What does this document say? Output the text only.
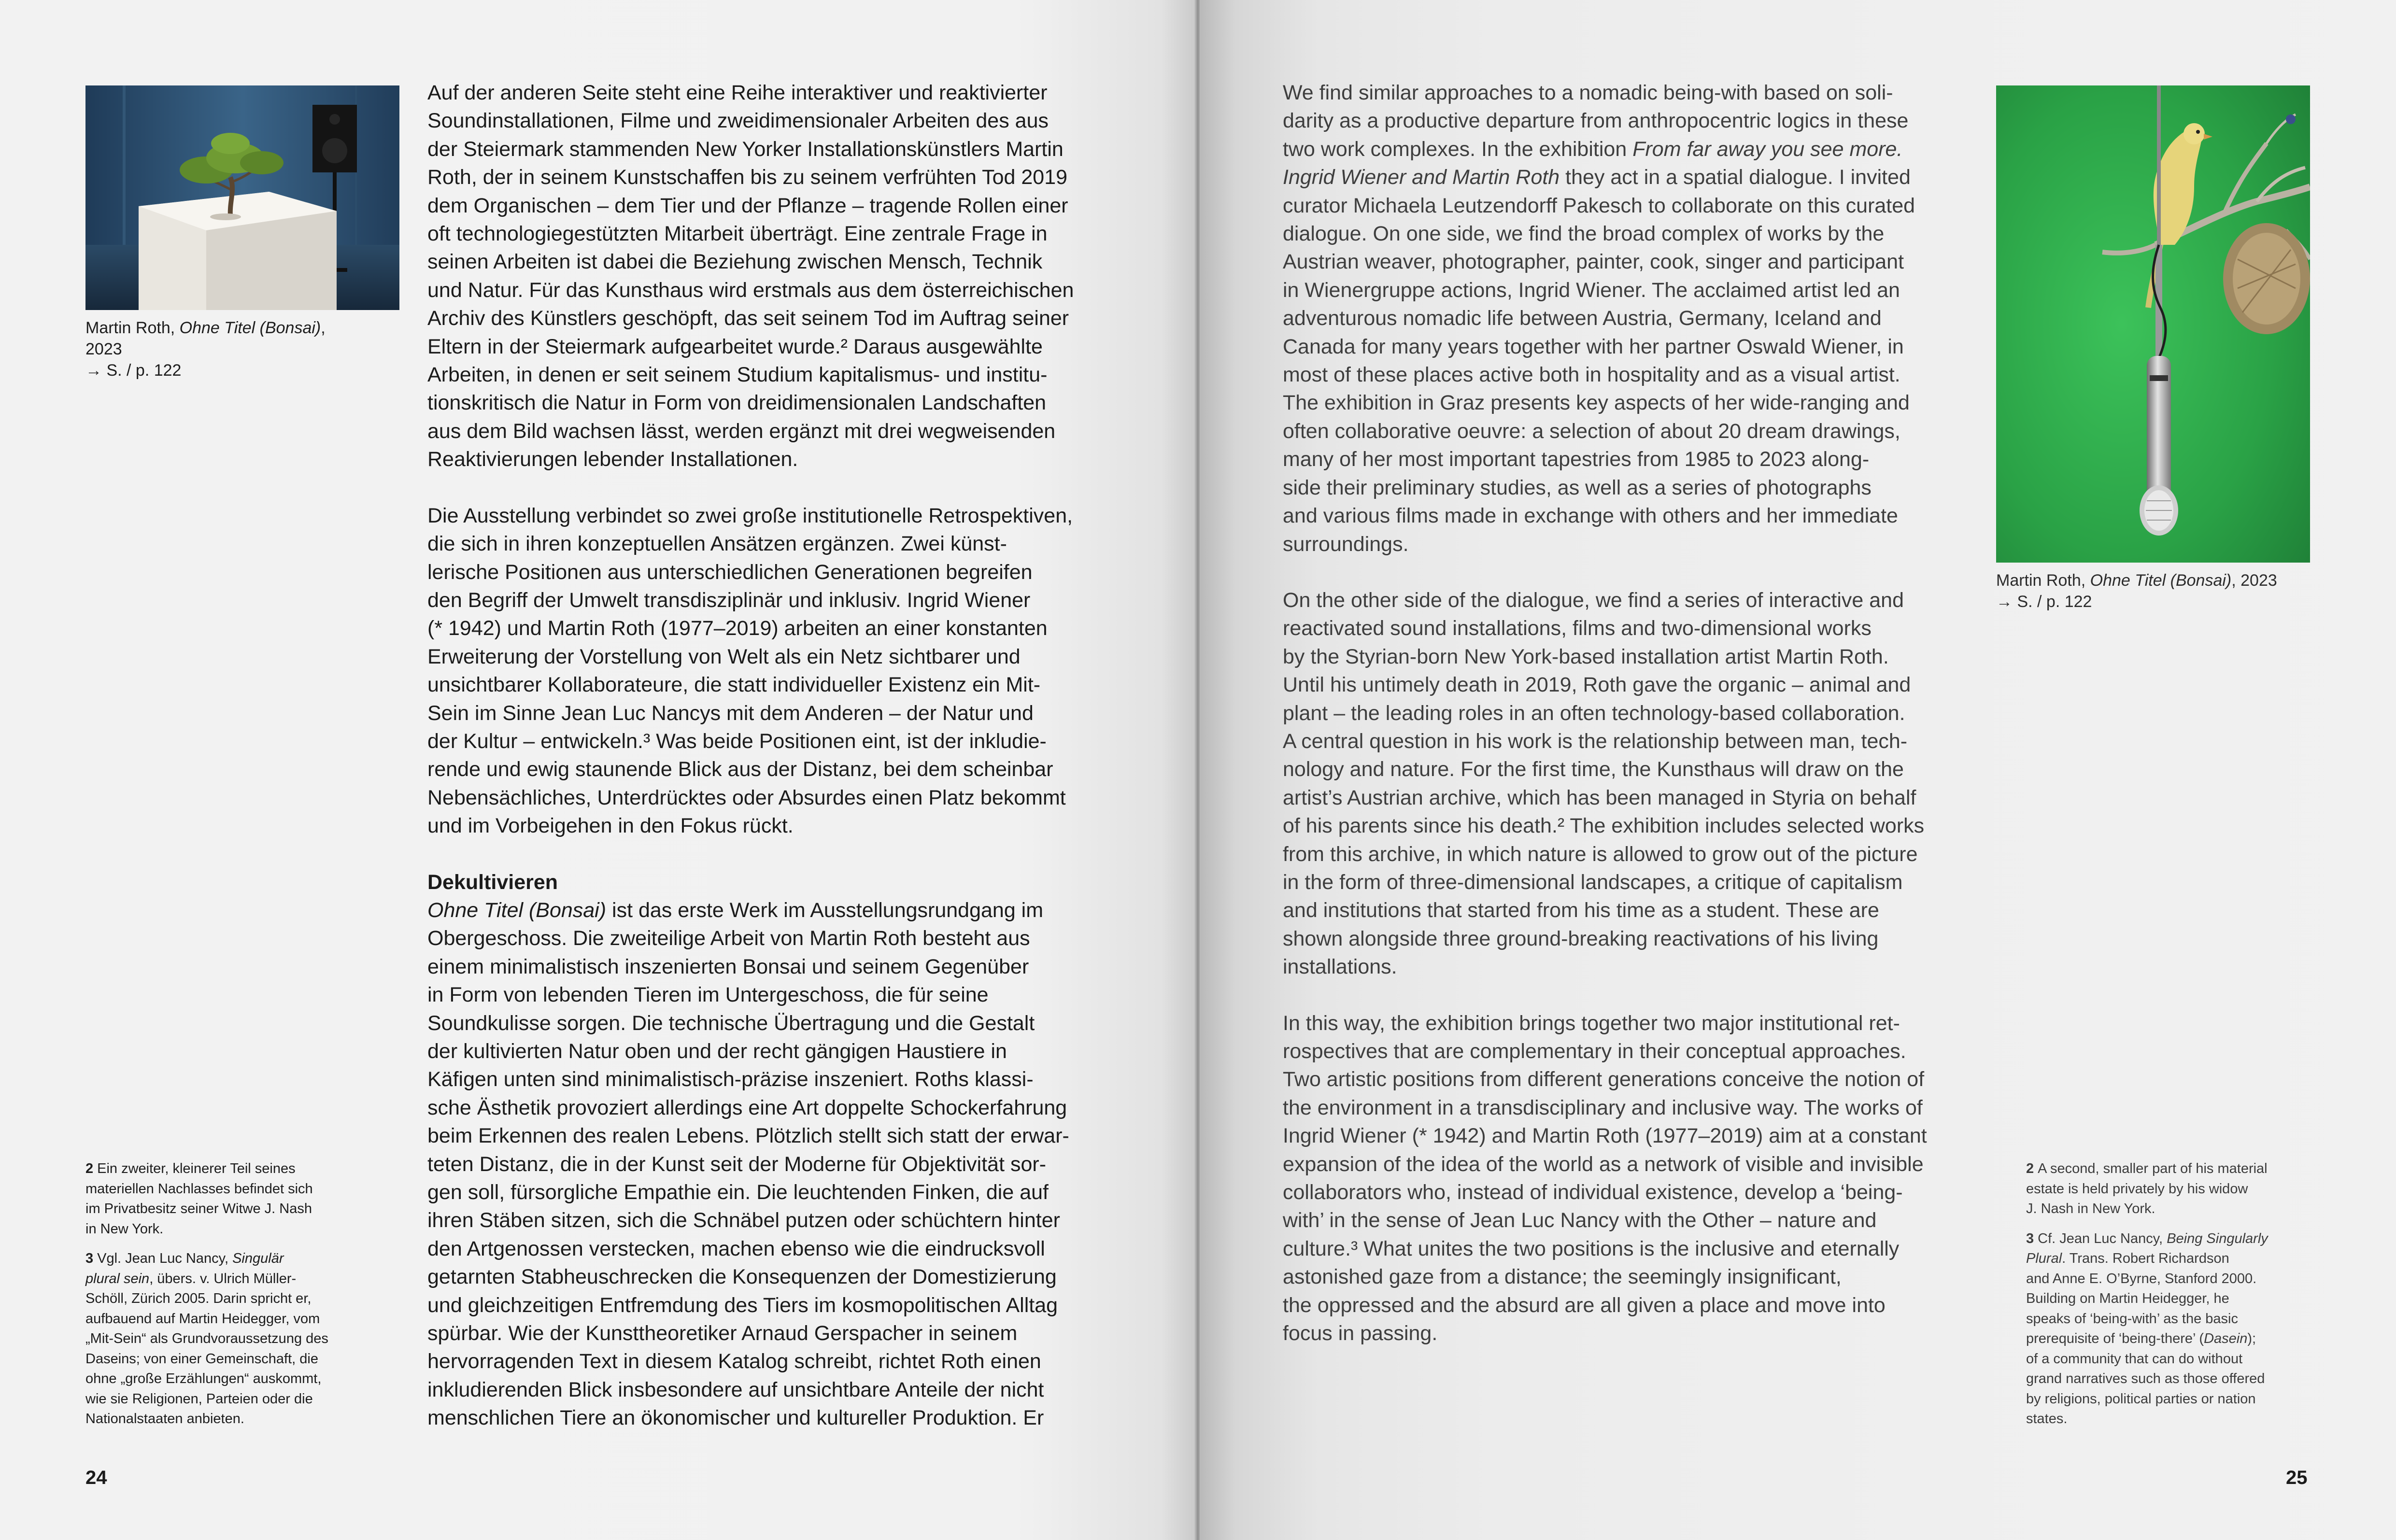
Martin Roth, Ohne Titel (Bonsai),
2023
→ S. / p. 122

Auf der anderen Seite steht eine Reihe interaktiver und reaktivierter
Soundinstallationen, Filme und zweidimensionaler Arbeiten des aus
der Steiermark stammenden New Yorker Installationskünstlers Martin
Roth, der in seinem Kunstschaffen bis zu seinem verfrühten Tod 2019
dem Organischen – dem Tier und der Pflanze – tragende Rollen einer
oft technologiegestützten Mitarbeit überträgt. Eine zentrale Frage in
seinen Arbeiten ist dabei die Beziehung zwischen Mensch, Technik
und Natur. Für das Kunsthaus wird erstmals aus dem österreichischen
Archiv des Künstlers geschöpft, das seit seinem Tod im Auftrag seiner
Eltern in der Steiermark aufgearbeitet wurde.² Daraus ausgewählte
Arbeiten, in denen er seit seinem Studium kapitalismus- und institu-
tionskritisch die Natur in Form von dreidimensionalen Landschaften
aus dem Bild wachsen lässt, werden ergänzt mit drei wegweisenden
Reaktivierungen lebender Installationen.

Die Ausstellung verbindet so zwei große institutionelle Retrospektiven,
die sich in ihren konzeptuellen Ansätzen ergänzen. Zwei künst-
lerische Positionen aus unterschiedlichen Generationen begreifen
den Begriff der Umwelt transdisziplinär und inklusiv. Ingrid Wiener
(* 1942) und Martin Roth (1977–2019) arbeiten an einer konstanten
Erweiterung der Vorstellung von Welt als ein Netz sichtbarer und
unsichtbarer Kollaborateure, die statt individueller Existenz ein Mit-
Sein im Sinne Jean Luc Nancys mit dem Anderen – der Natur und
der Kultur – entwickeln.³ Was beide Positionen eint, ist der inkludie-
rende und ewig staunende Blick aus der Distanz, bei dem scheinbar
Nebensächliches, Unterdrücktes oder Absurdes einen Platz bekommt
und im Vorbeigehen in den Fokus rückt.

Dekultivieren
Ohne Titel (Bonsai) ist das erste Werk im Ausstellungsrundgang im
Obergeschoss. Die zweiteilige Arbeit von Martin Roth besteht aus
einem minimalistisch inszenierten Bonsai und seinem Gegenüber
in Form von lebenden Tieren im Untergeschoss, die für seine
Soundkulisse sorgen. Die technische Übertragung und die Gestalt
der kultivierten Natur oben und der recht gängigen Haustiere in
Käfigen unten sind minimalistisch-präzise inszeniert. Roths klassi-
sche Ästhetik provoziert allerdings eine Art doppelte Schockerfahrung
beim Erkennen des realen Lebens. Plötzlich stellt sich statt der erwar-
teten Distanz, die in der Kunst seit der Moderne für Objektivität sor-
gen soll, fürsorgliche Empathie ein. Die leuchtenden Finken, die auf
ihren Stäben sitzen, sich die Schnäbel putzen oder schüchtern hinter
den Artgenossen verstecken, machen ebenso wie die eindrucksvoll
getarnten Stabheuschrecken die Konsequenzen der Domestizierung
und gleichzeitigen Entfremdung des Tiers im kosmopolitischen Alltag
spürbar. Wie der Kunsttheoretiker Arnaud Gerspacher in seinem
hervorragenden Text in diesem Katalog schreibt, richtet Roth einen
inkludierenden Blick insbesondere auf unsichtbare Anteile der nicht
menschlichen Tiere an ökonomischer und kultureller Produktion. Er

2 Ein zweiter, kleinerer Teil seines
materiellen Nachlasses befindet sich
im Privatbesitz seiner Witwe J. Nash
in New York.
3 Vgl. Jean Luc Nancy, Singulär
plural sein, übers. v. Ulrich Müller-
Schöll, Zürich 2005. Darin spricht er,
aufbauend auf Martin Heidegger, vom
„Mit-Sein“ als Grundvoraussetzung des
Daseins; von einer Gemeinschaft, die
ohne „große Erzählungen“ auskommt,
wie sie Religionen, Parteien oder die
Nationalstaaten anbieten.
24

We find similar approaches to a nomadic being-with based on soli-
darity as a productive departure from anthropocentric logics in these
two work complexes. In the exhibition From far away you see more.
Ingrid Wiener and Martin Roth they act in a spatial dialogue. I invited
curator Michaela Leutzendorff Pakesch to collaborate on this curated
dialogue. On one side, we find the broad complex of works by the
Austrian weaver, photographer, painter, cook, singer and participant
in Wienergruppe actions, Ingrid Wiener. The acclaimed artist led an
adventurous nomadic life between Austria, Germany, Iceland and
Canada for many years together with her partner Oswald Wiener, in
most of these places active both in hospitality and as a visual artist.
The exhibition in Graz presents key aspects of her wide-ranging and
often collaborative oeuvre: a selection of about 20 dream drawings,
many of her most important tapestries from 1985 to 2023 along-
side their preliminary studies, as well as a series of photographs
and various films made in exchange with others and her immediate
surroundings.

On the other side of the dialogue, we find a series of interactive and
reactivated sound installations, films and two-dimensional works
by the Styrian-born New York-based installation artist Martin Roth.
Until his untimely death in 2019, Roth gave the organic – animal and
plant – the leading roles in an often technology-based collaboration.
A central question in his work is the relationship between man, tech-
nology and nature. For the first time, the Kunsthaus will draw on the
artist’s Austrian archive, which has been managed in Styria on behalf
of his parents since his death.² The exhibition includes selected works
from this archive, in which nature is allowed to grow out of the picture
in the form of three-dimensional landscapes, a critique of capitalism
and institutions that started from his time as a student. These are
shown alongside three ground-breaking reactivations of his living
installations.

In this way, the exhibition brings together two major institutional ret-
rospectives that are complementary in their conceptual approaches.
Two artistic positions from different generations conceive the notion of
the environment in a transdisciplinary and inclusive way. The works of
Ingrid Wiener (* 1942) and Martin Roth (1977–2019) aim at a constant
expansion of the idea of the world as a network of visible and invisible
collaborators who, instead of individual existence, develop a ‘being-
with’ in the sense of Jean Luc Nancy with the Other – nature and
culture.³ What unites the two positions is the inclusive and eternally
astonished gaze from a distance; the seemingly insignificant,
the oppressed and the absurd are all given a place and move into
focus in passing.

Martin Roth, Ohne Titel (Bonsai), 2023
→ S. / p. 122
2 A second, smaller part of his material
estate is held privately by his widow
J. Nash in New York.
3 Cf. Jean Luc Nancy, Being Singularly
Plural. Trans. Robert Richardson
and Anne E. O’Byrne, Stanford 2000.
Building on Martin Heidegger, he
speaks of ‘being-with’ as the basic
prerequisite of ‘being-there’ (Dasein);
of a community that can do without
grand narratives such as those offered
by religions, political parties or nation
states.
25
